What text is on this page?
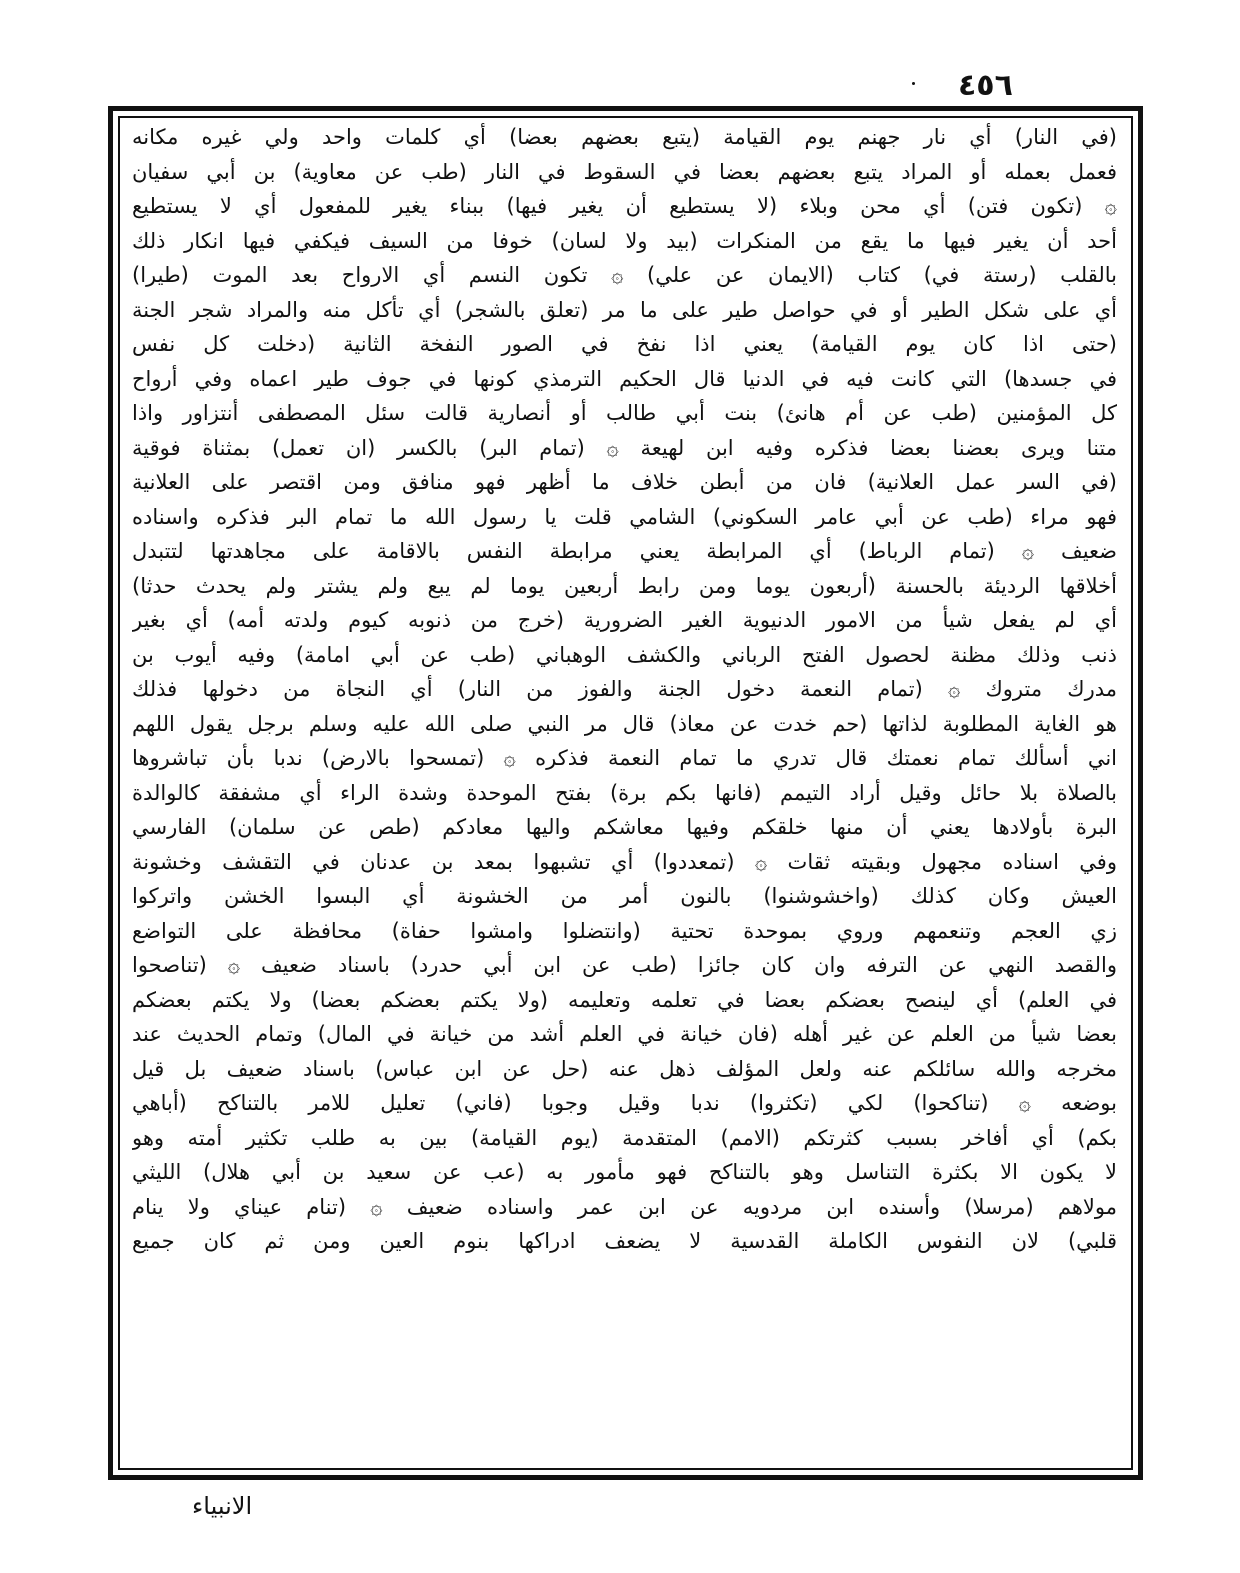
٤٥٦
(في النار) أي نار جهنم يوم القيامة (يتبع بعضهم بعضا) أي كلمات واحد ولي غيره مكانه
فعمل بعمله أو المراد يتبع بعضهم بعضا في السقوط في النار (طب عن معاوية) بن أبي سفيان
۞ (تكون فتن) أي محن وبلاء (لا يستطيع أن يغير فيها) ببناء يغير للمفعول أي لا يستطيع
أحد أن يغير فيها ما يقع من المنكرات (بيد ولا لسان) خوفا من السيف فيكفي فيها انكار ذلك
بالقلب (رستة في) كتاب (الايمان عن علي) ۞ تكون النسم أي الارواح بعد الموت (طيرا)
أي على شكل الطير أو في حواصل طير على ما مر (تعلق بالشجر) أي تأكل منه والمراد شجر الجنة
(حتى اذا كان يوم القيامة) يعني اذا نفخ في الصور النفخة الثانية (دخلت كل نفس
في جسدها) التي كانت فيه في الدنيا قال الحكيم الترمذي كونها في جوف طير اعماه وفي أرواح
كل المؤمنين (طب عن أم هانئ) بنت أبي طالب أو أنصارية قالت سئل المصطفى أنتزاور واذا
متنا ويرى بعضنا بعضا فذكره وفيه ابن لهيعة ۞ (تمام البر) بالكسر (ان تعمل) بمثناة فوقية
(في السر عمل العلانية) فان من أبطن خلاف ما أظهر فهو منافق ومن اقتصر على العلانية
فهو مراء (طب عن أبي عامر السكوني) الشامي قلت يا رسول الله ما تمام البر فذكره واسناده
ضعيف ۞ (تمام الرباط) أي المرابطة يعني مرابطة النفس بالاقامة على مجاهدتها لتتبدل
أخلاقها الرديئة بالحسنة (أربعون يوما ومن رابط أربعين يوما لم يبع ولم يشتر ولم يحدث حدثا)
أي لم يفعل شيأ من الامور الدنيوية الغير الضرورية (خرج من ذنوبه كيوم ولدته أمه) أي بغير
ذنب وذلك مظنة لحصول الفتح الرباني والكشف الوهباني (طب عن أبي امامة) وفيه أيوب بن
مدرك متروك ۞ (تمام النعمة دخول الجنة والفوز من النار) أي النجاة من دخولها فذلك
هو الغاية المطلوبة لذاتها (حم خدت عن معاذ) قال مر النبي صلى الله عليه وسلم برجل يقول اللهم
اني أسألك تمام نعمتك قال تدري ما تمام النعمة فذكره ۞ (تمسحوا بالارض) ندبا بأن تباشروها
بالصلاة بلا حائل وقيل أراد التيمم (فانها بكم برة) بفتح الموحدة وشدة الراء أي مشفقة كالوالدة
البرة بأولادها يعني أن منها خلقكم وفيها معاشكم واليها معادكم (طص عن سلمان) الفارسي
وفي اسناده مجهول وبقيته ثقات ۞ (تمعددوا) أي تشبهوا بمعد بن عدنان في التقشف وخشونة
العيش وكان كذلك (واخشوشنوا) بالنون أمر من الخشونة أي البسوا الخشن واتركوا
زي العجم وتنعمهم وروي بموحدة تحتية (وانتضلوا وامشوا حفاة) محافظة على التواضع
والقصد النهي عن الترفه وان كان جائزا (طب عن ابن أبي حدرد) باسناد ضعيف ۞ (تناصحوا
في العلم) أي لينصح بعضكم بعضا في تعلمه وتعليمه (ولا يكتم بعضكم بعضا) ولا يكتم بعضكم
بعضا شيأ من العلم عن غير أهله (فان خيانة في العلم أشد من خيانة في المال) وتمام الحديث عند
مخرجه والله سائلكم عنه ولعل المؤلف ذهل عنه (حل عن ابن عباس) باسناد ضعيف بل قيل
بوضعه ۞ (تناكحوا) لكي (تكثروا) ندبا وقيل وجوبا (فاني) تعليل للامر بالتناكح (أباهي
بكم) أي أفاخر بسبب كثرتكم (الامم) المتقدمة (يوم القيامة) بين به طلب تكثير أمته وهو
لا يكون الا بكثرة التناسل وهو بالتناكح فهو مأمور به (عب عن سعيد بن أبي هلال) الليثي
مولاهم (مرسلا) وأسنده ابن مردويه عن ابن عمر واسناده ضعيف ۞ (تنام عيناي ولا ينام
قلبي) لان النفوس الكاملة القدسية لا يضعف ادراكها بنوم العين ومن ثم كان جميع
الانبياء
